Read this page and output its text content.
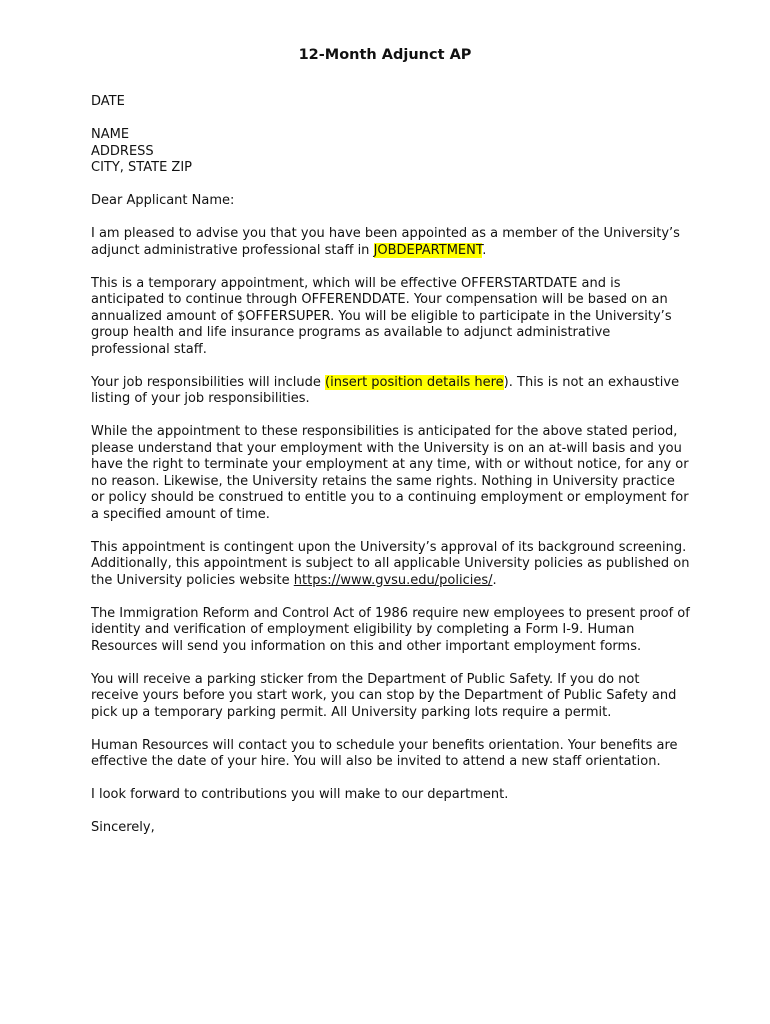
12-Month Adjunct AP

DATE

NAME
ADDRESS
CITY, STATE ZIP

Dear Applicant Name:

I am pleased to advise you that you have been appointed as a member of the University’s adjunct administrative professional staff in JOBDEPARTMENT.

This is a temporary appointment, which will be effective OFFERSTARTDATE and is anticipated to continue through OFFERENDDATE. Your compensation will be based on an annualized amount of $OFFERSUPER. You will be eligible to participate in the University’s group health and life insurance programs as available to adjunct administrative professional staff.

Your job responsibilities will include (insert position details here). This is not an exhaustive listing of your job responsibilities.

While the appointment to these responsibilities is anticipated for the above stated period, please understand that your employment with the University is on an at-will basis and you have the right to terminate your employment at any time, with or without notice, for any or no reason. Likewise, the University retains the same rights. Nothing in University practice or policy should be construed to entitle you to a continuing employment or employment for a specified amount of time.

This appointment is contingent upon the University’s approval of its background screening. Additionally, this appointment is subject to all applicable University policies as published on the University policies website https://www.gvsu.edu/policies/.

The Immigration Reform and Control Act of 1986 require new employees to present proof of identity and verification of employment eligibility by completing a Form I-9. Human Resources will send you information on this and other important employment forms.

You will receive a parking sticker from the Department of Public Safety. If you do not receive yours before you start work, you can stop by the Department of Public Safety and pick up a temporary parking permit. All University parking lots require a permit.

Human Resources will contact you to schedule your benefits orientation. Your benefits are effective the date of your hire. You will also be invited to attend a new staff orientation.

I look forward to contributions you will make to our department.

Sincerely,
